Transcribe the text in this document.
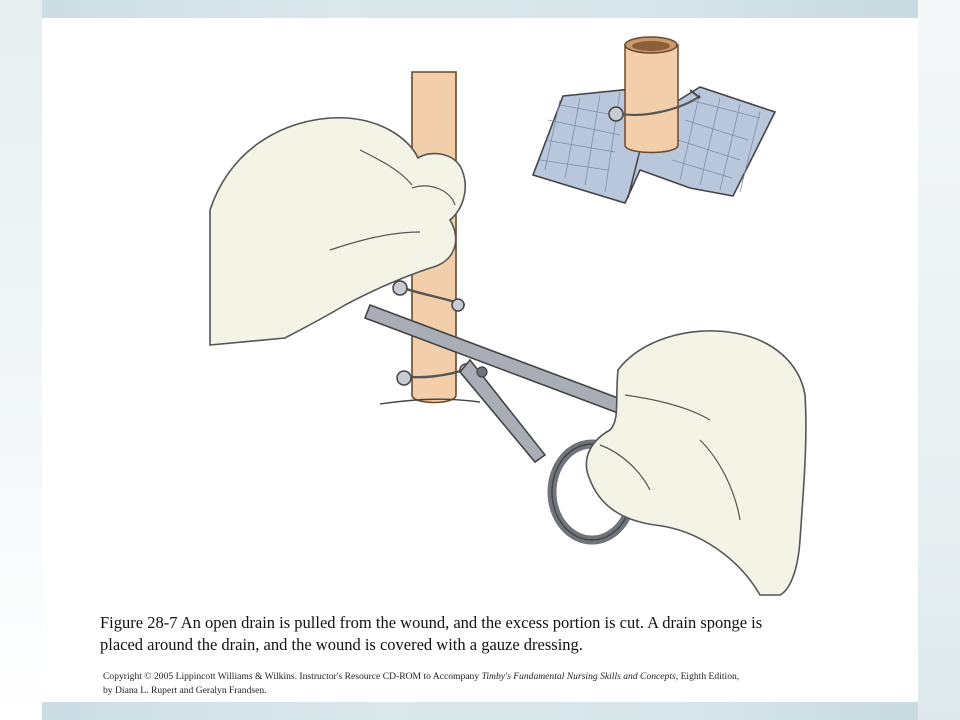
Figure 28-7 An open drain is pulled from the wound, and the excess portion is cut. A drain sponge is
placed around the drain, and the wound is covered with a gauze dressing.
Copyright © 2005 Lippincott Williams & Wilkins. Instructor's Resource CD-ROM to Accompany Timby's Fundamental Nursing Skills and Concepts, Eighth Edition,
by Diana L. Rupert and Geralyn Frandsen.
